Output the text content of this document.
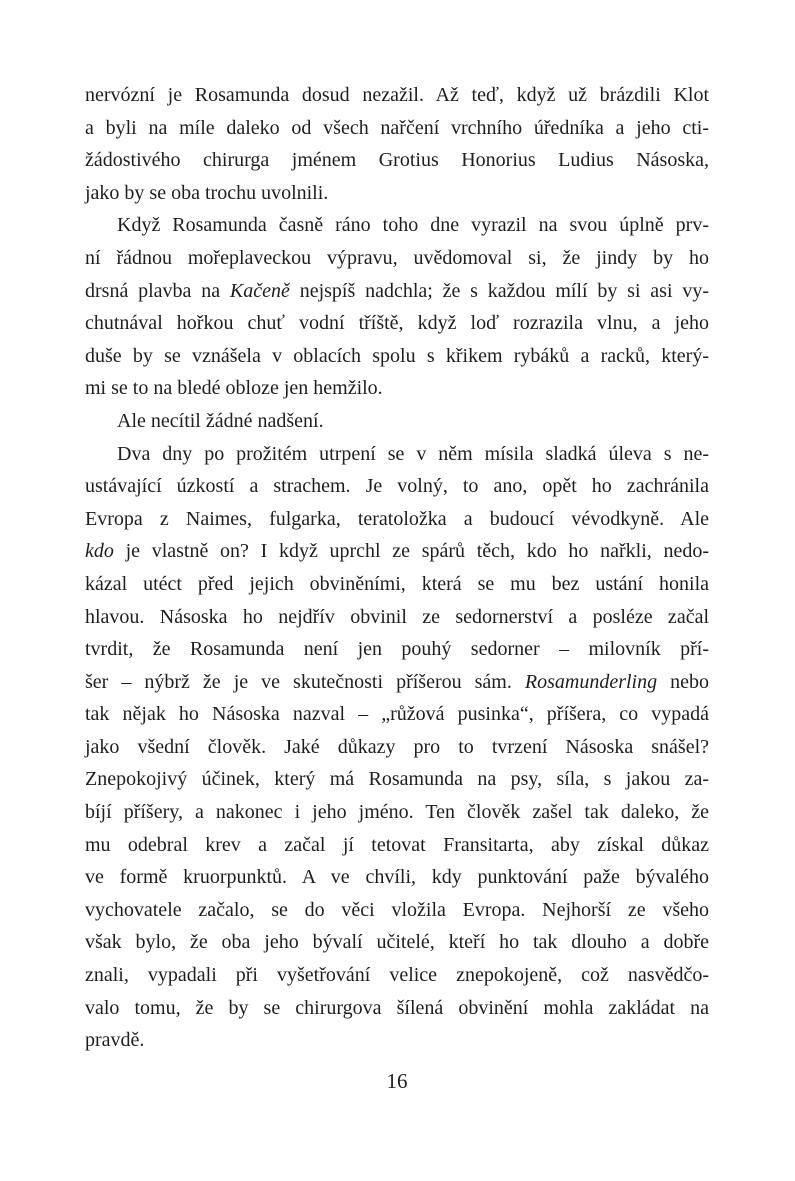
nervózní je Rosamunda dosud nezažil. Až teď, když už brázdili Klot
a byli na míle daleko od všech nařčení vrchního úředníka a jeho cti-
žádostivého chirurga jménem Grotius Honorius Ludius Násoska,
jako by se oba trochu uvolnili.
Když Rosamunda časně ráno toho dne vyrazil na svou úplně prv-
ní řádnou mořeplaveckou výpravu, uvědomoval si, že jindy by ho
drsná plavba na Kačeně nejspíš nadchla; že s každou mílí by si asi vy-
chutnával hořkou chuť vodní tříště, když loď rozrazila vlnu, a jeho
duše by se vznášela v oblacích spolu s křikem rybáků a racků, který-
mi se to na bledé obloze jen hemžilo.
Ale necítil žádné nadšení.
Dva dny po prožitém utrpení se v něm mísila sladká úleva s ne-
ustávající úzkostí a strachem. Je volný, to ano, opět ho zachránila
Evropa z Naimes, fulgarka, teratoložka a budoucí vévodkyně. Ale
kdo je vlastně on? I když uprchl ze spárů těch, kdo ho nařkli, nedo-
kázal utéct před jejich obviněními, která se mu bez ustání honila
hlavou. Násoska ho nejdřív obvinil ze sedornerství a posléze začal
tvrdit, že Rosamunda není jen pouhý sedorner – milovník pří-
šer – nýbrž že je ve skutečnosti příšerou sám. Rosamunderling nebo
tak nějak ho Násoska nazval – „růžová pusinka“, příšera, co vypadá
jako všední člověk. Jaké důkazy pro to tvrzení Násoska snášel?
Znepokojivý účinek, který má Rosamunda na psy, síla, s jakou za-
bíjí příšery, a nakonec i jeho jméno. Ten člověk zašel tak daleko, že
mu odebral krev a začal jí tetovat Fransitarta, aby získal důkaz
ve formě kruorpunktů. A ve chvíli, kdy punktování paže bývalého
vychovatele začalo, se do věci vložila Evropa. Nejhorší ze všeho
však bylo, že oba jeho bývalí učitelé, kteří ho tak dlouho a dobře
znali, vypadali při vyšetřování velice znepokojeně, což nasvědčo-
valo tomu, že by se chirurgova šílená obvinění mohla zakládat na
pravdě.
16
